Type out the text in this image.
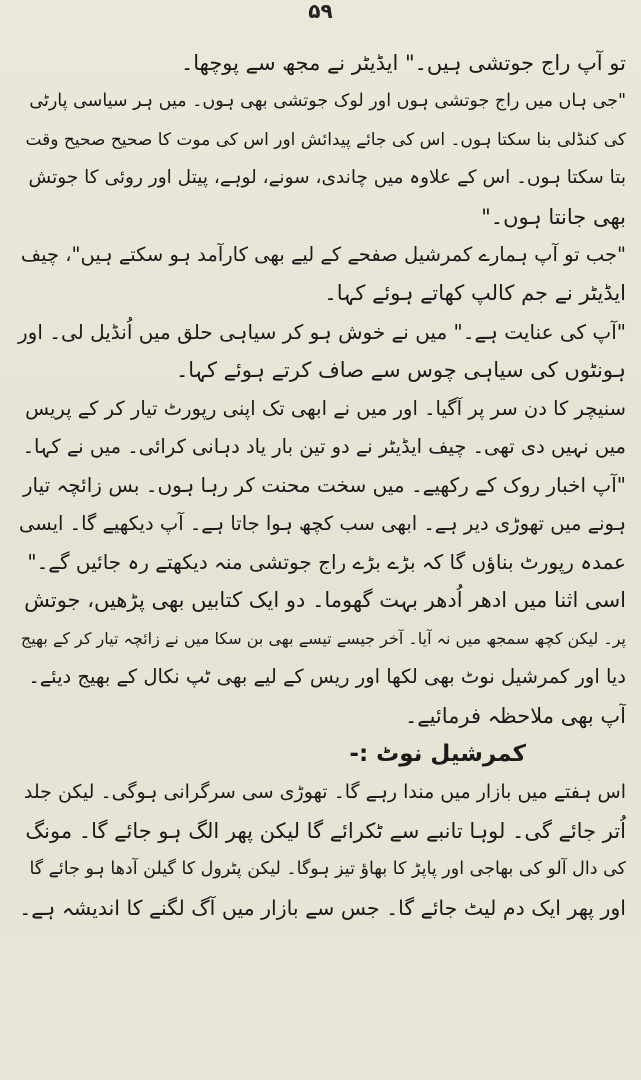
۵۹
تو آپ راج جوتشی ہیں۔" ایڈیٹر نے مجھ سے پوچھا۔
"جی ہاں میں راج جوتشی ہوں اور لوک جوتشی بھی ہوں۔ میں ہر سیاسی پارٹی
کی کنڈلی بنا سکتا ہوں۔ اس کی جائے پیدائش اور اس کی موت کا صحیح صحیح وقت
بتا سکتا ہوں۔ اس کے علاوہ میں چاندی، سونے، لوہے، پیتل اور روئی کا جوتش
بھی جانتا ہوں۔"
"جب تو آپ ہمارے کمرشیل صفحے کے لیے بھی کارآمد ہو سکتے ہیں"، چیف
ایڈیٹر نے جم کالپ کھاتے ہوئے کہا۔
"آپ کی عنایت ہے۔" میں نے خوش ہو کر سیاہی حلق میں اُنڈیل لی۔ اور
ہونٹوں کی سیاہی چوس سے صاف کرتے ہوئے کہا۔
سنیچر کا دن سر پر آگیا۔ اور میں نے ابھی تک اپنی رپورٹ تیار کر کے پریس
میں نہیں دی تھی۔ چیف ایڈیٹر نے دو تین بار یاد دہانی کرائی۔ میں نے کہا۔
"آپ اخبار روک کے رکھیے۔ میں سخت محنت کر رہا ہوں۔ بس زائچہ تیار
ہونے میں تھوڑی دیر ہے۔ ابھی سب کچھ ہوا جاتا ہے۔ آپ دیکھیے گا۔ ایسی
عمدہ رپورٹ بناؤں گا کہ بڑے بڑے راج جوتشی منہ دیکھتے رہ جائیں گے۔"
اسی اثنا میں ادھر اُدھر بہت گھوما۔ دو ایک کتابیں بھی پڑھیں، جوتش
پر۔ لیکن کچھ سمجھ میں نہ آیا۔ آخر جیسے تیسے بھی بن سکا میں نے زائچہ تیار کر کے بھیج
دیا اور کمرشیل نوٹ بھی لکھا اور ریس کے لیے بھی ٹپ نکال کے بھیج دیئے۔
آپ بھی ملاحظہ فرمائیے۔
کمرشیل نوٹ :-
اس ہفتے میں بازار میں مندا رہے گا۔ تھوڑی سی سرگرانی ہوگی۔ لیکن جلد
اُتر جائے گی۔ لوہا تانبے سے ٹکرائے گا لیکن پھر الگ ہو جائے گا۔ مونگ
کی دال آلو کی بھاجی اور پاپڑ کا بھاؤ تیز ہوگا۔ لیکن پٹرول کا گیلن آدھا ہو جائے گا
اور پھر ایک دم لیٹ جائے گا۔ جس سے بازار میں آگ لگنے کا اندیشہ ہے۔
